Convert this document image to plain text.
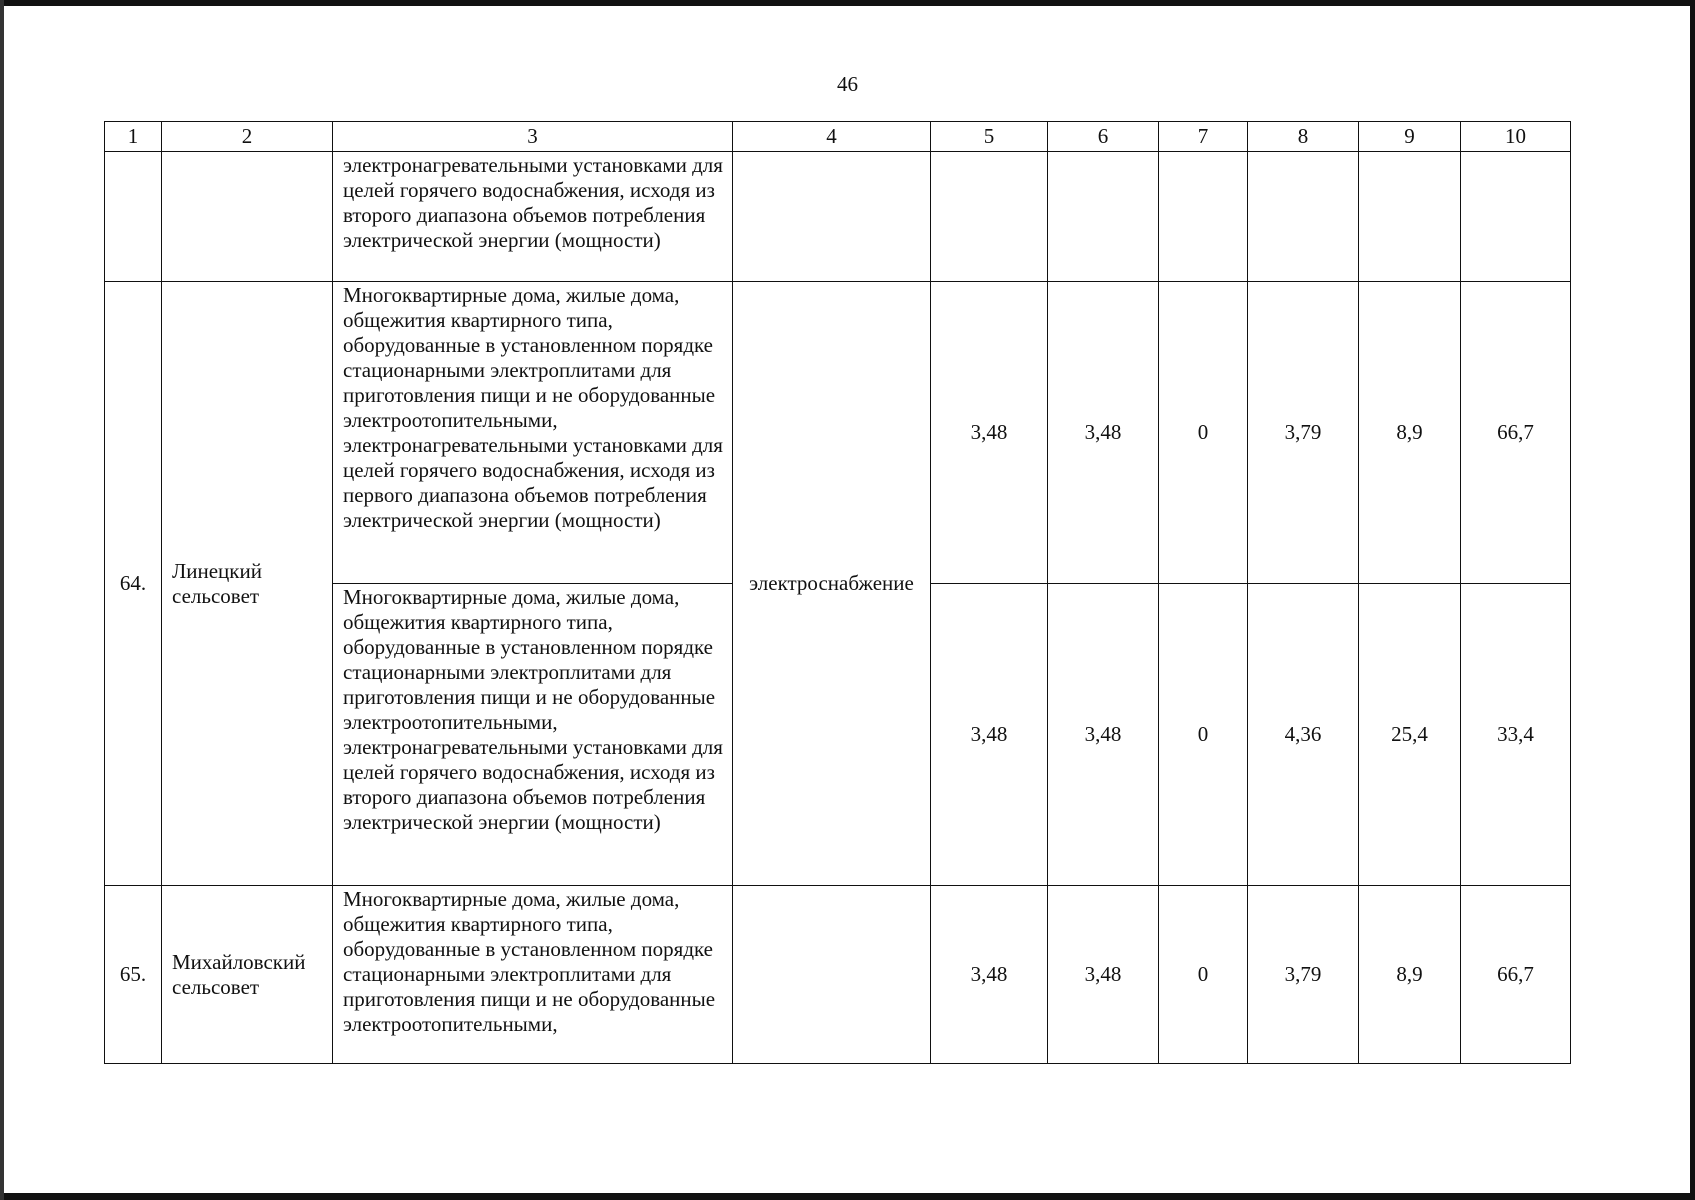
46
1	2	3	4	5	6	7	8	9	10
		электронагревательными установками для целей горячего водоснабжения, исходя из второго диапазона объемов потребления электрической энергии (мощности)							
64.	Линецкий сельсовет	Многоквартирные дома, жилые дома, общежития квартирного типа, оборудованные в установленном порядке стационарными электроплитами для приготовления пищи и не оборудованные электроотопительными, электронагревательными установками для целей горячего водоснабжения, исходя из первого диапазона объемов потребления электрической энергии (мощности)	электроснабжение	3,48	3,48	0	3,79	8,9	66,7
		Многоквартирные дома, жилые дома, общежития квартирного типа, оборудованные в установленном порядке стационарными электроплитами для приготовления пищи и не оборудованные электроотопительными, электронагревательными установками для целей горячего водоснабжения, исходя из второго диапазона объемов потребления электрической энергии (мощности)		3,48	3,48	0	4,36	25,4	33,4
65.	Михайловский сельсовет	Многоквартирные дома, жилые дома, общежития квартирного типа, оборудованные в установленном порядке стационарными электроплитами для приготовления пищи и не оборудованные электроотопительными,		3,48	3,48	0	3,79	8,9	66,7
